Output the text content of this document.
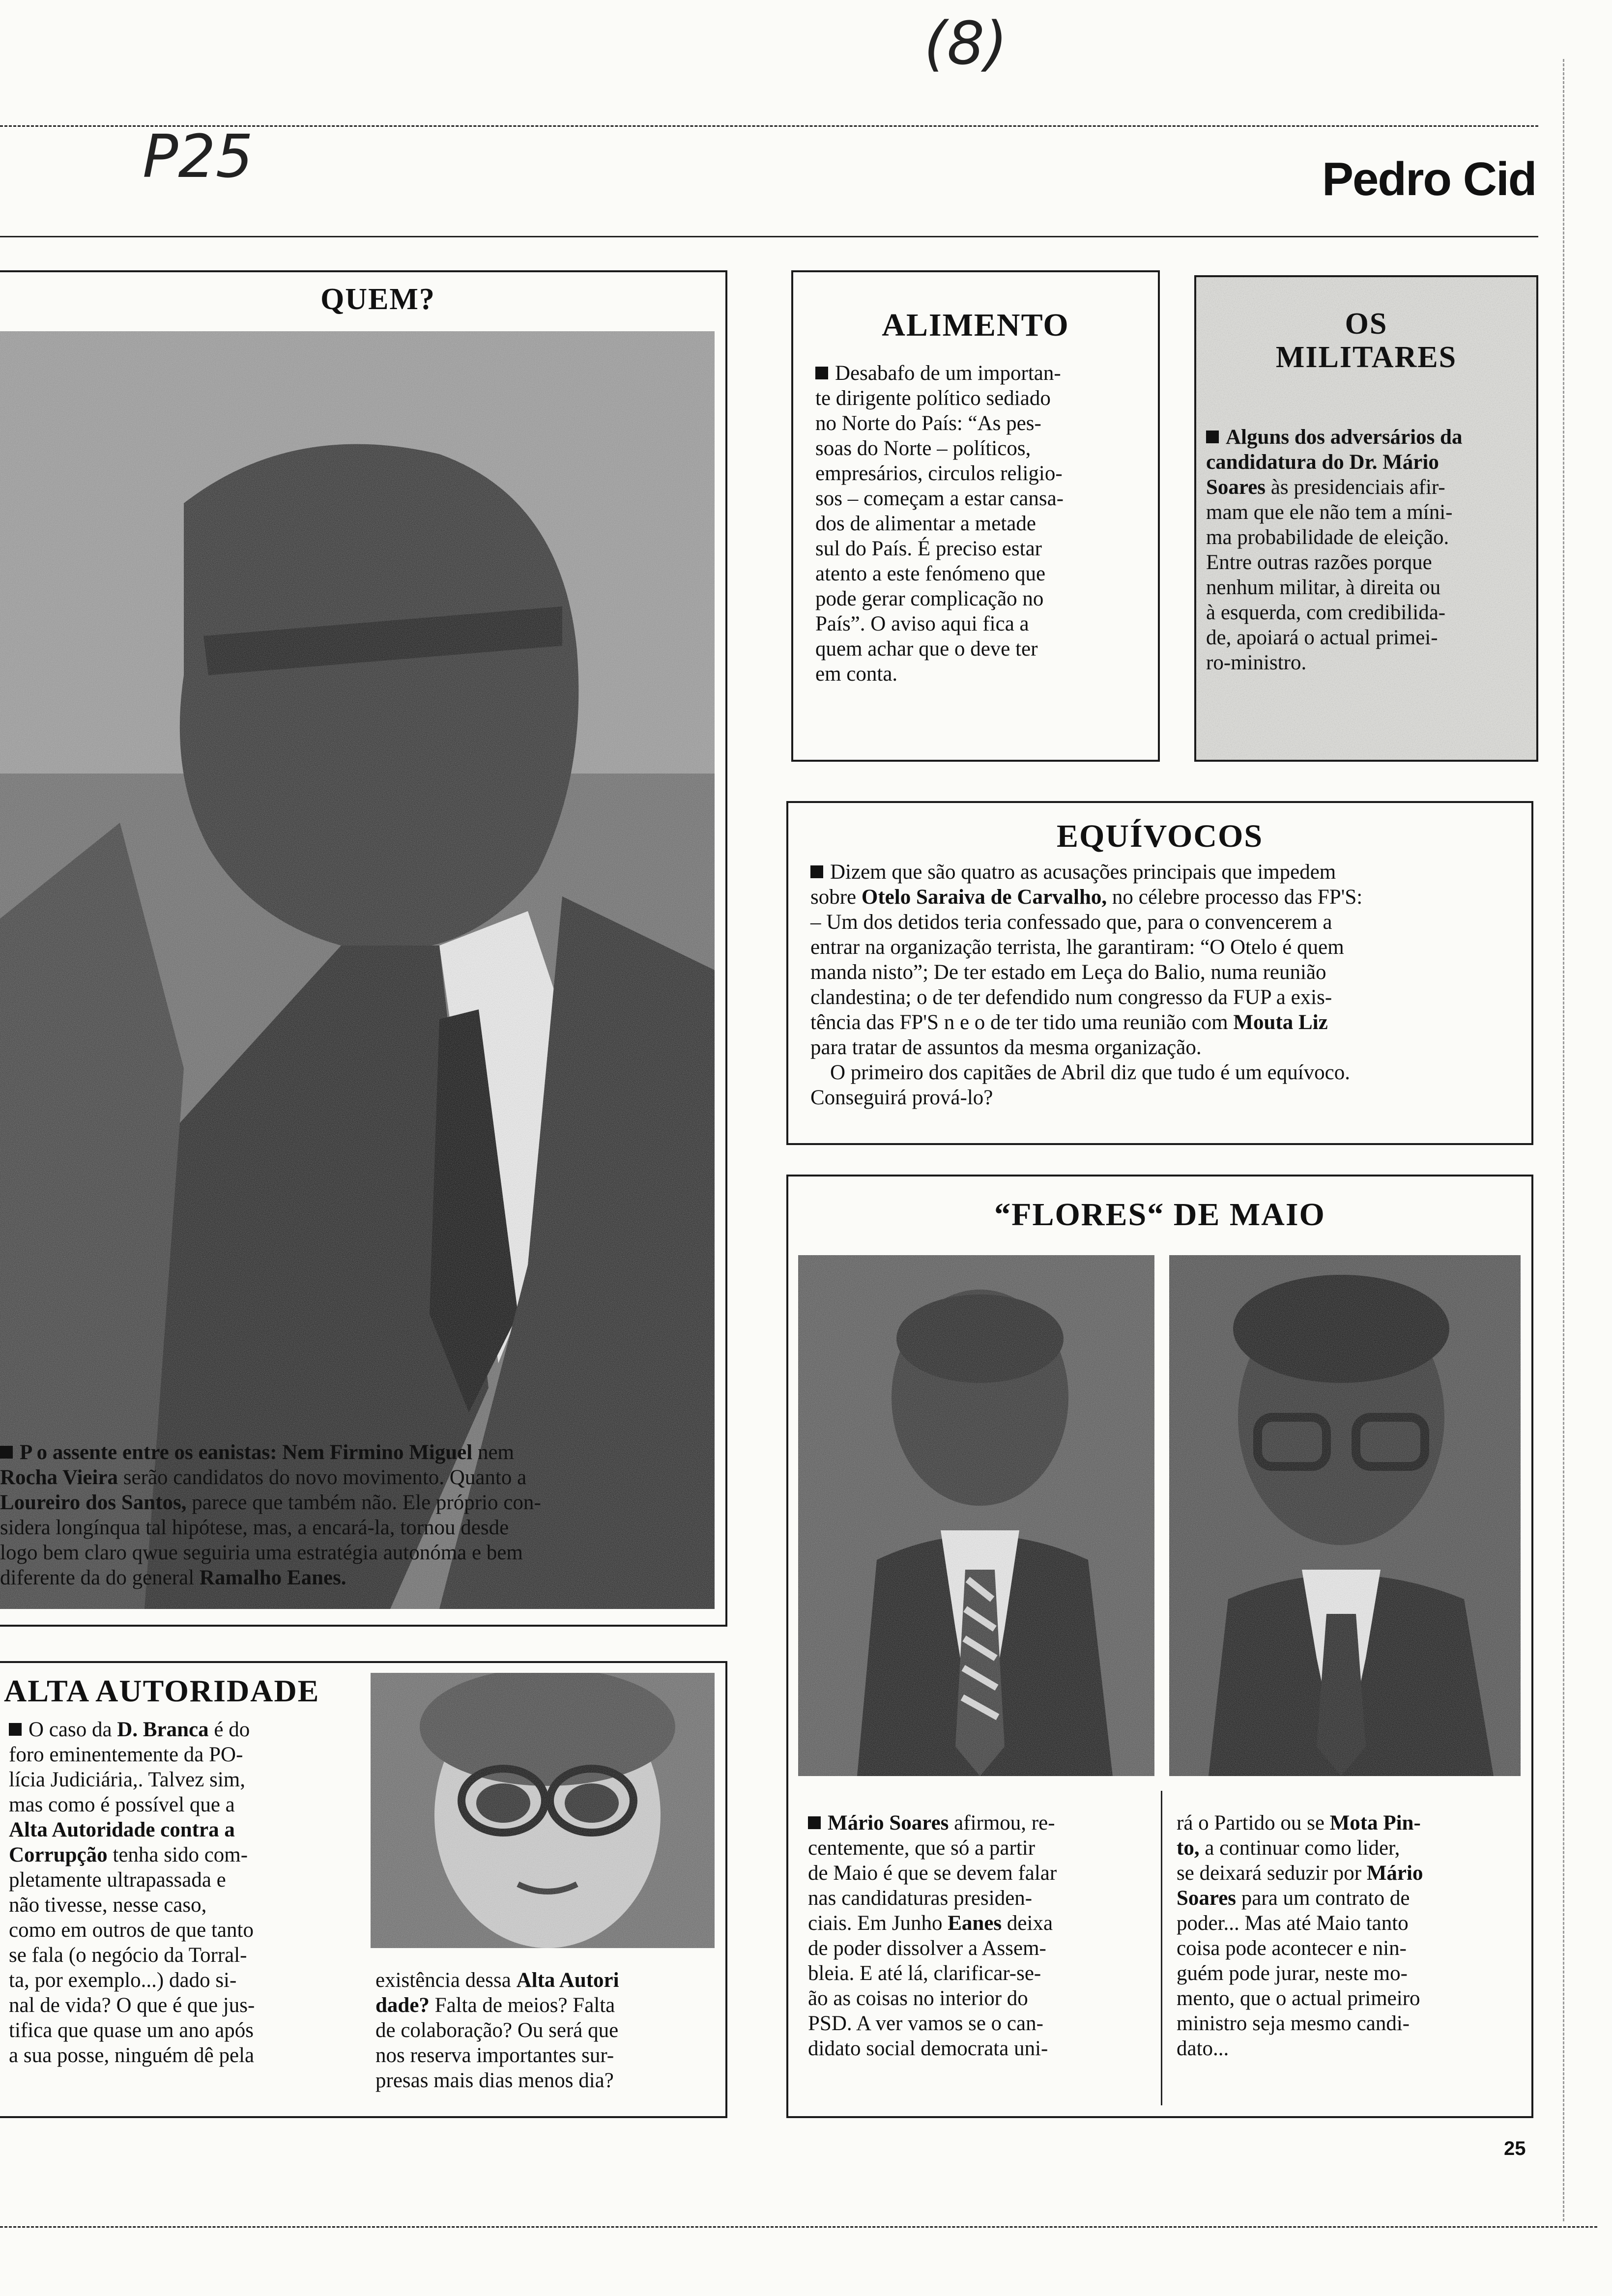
(8)
P25	Pedro Cid
QUEM?

P o assente entre os eanistas: Nem Firmino Miguel nem

Rocha Vieira serão candidatos do novo movimento. Quanto a

Loureiro dos Santos, parece que também não. Ele próprio con-

sidera longínqua tal hipótese, mas, a encará-la, tornou desde

logo bem claro qwue seguiria uma estratégia autonóma e bem

diferente da do general Ramalho Eanes.

ALIMENTO

Desabafo de um importan-

te dirigente político sediado

no Norte do País: “As pes-

soas do Norte – políticos,

empresários, circulos religio-

sos – começam a estar cansa-

dos de alimentar a metade

sul do País. É preciso estar

atento a este fenómeno que

pode gerar complicação no

País”. O aviso aqui fica a

quem achar que o deve ter

em conta.

OS
MILITARES

Alguns dos adversários da

candidatura do Dr. Mário

Soares às presidenciais afir-

mam que ele não tem a míni-

ma probabilidade de eleição.

Entre outras razões porque

nenhum militar, à direita ou

à esquerda, com credibilida-

de, apoiará o actual primei-

ro-ministro.

EQUÍVOCOS

Dizem que são quatro as acusações principais que impedem

sobre Otelo Saraiva de Carvalho, no célebre processo das FP'S:

– Um dos detidos teria confessado que, para o convencerem a

entrar na organização terrista, lhe garantiram: “O Otelo é quem

manda nisto”; De ter estado em Leça do Balio, numa reunião

clandestina; o de ter defendido num congresso da FUP a exis-

tência das FP'S n e o de ter tido uma reunião com Mouta Liz

para tratar de assuntos da mesma organização.

O primeiro dos capitães de Abril diz que tudo é um equívoco.

Conseguirá prová-lo?

“FLORES“ DE MAIO

Mário Soares afirmou, re-

centemente, que só a partir

de Maio é que se devem falar

nas candidaturas presiden-

ciais. Em Junho Eanes deixa

de poder dissolver a Assem-

bleia. E até lá, clarificar-se-

ão as coisas no interior do

PSD. A ver vamos se o can-

didato social democrata uni-

rá o Partido ou se Mota Pin-

to, a continuar como lider,

se deixará seduzir por Mário

Soares para um contrato de

poder... Mas até Maio tanto

coisa pode acontecer e nin-

guém pode jurar, neste mo-

mento, que o actual primeiro

ministro seja mesmo candi-

dato...

ALTA AUTORIDADE

O caso da D. Branca é do

foro eminentemente da PO-

lícia Judiciária,. Talvez sim,

mas como é possível que a

Alta Autoridade contra a

Corrupção tenha sido com-

pletamente ultrapassada e

não tivesse, nesse caso,

como em outros de que tanto

se fala (o negócio da Torral-

ta, por exemplo...) dado si-

nal de vida? O que é que jus-

tifica que quase um ano após

a sua posse, ninguém dê pela

existência dessa Alta Autori

dade? Falta de meios? Falta

de colaboração? Ou será que

nos reserva importantes sur-

presas mais dias menos dia?

25
